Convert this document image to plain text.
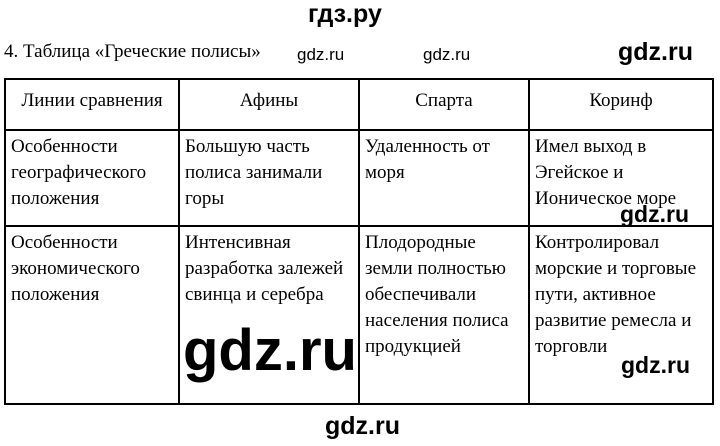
гдз.ру
4. Таблица «Греческие полисы» gdz.ru	gdz.ru	gdz.ru
Линии сравнения	Афины	Спарта	Коринф
Особенности географического положения	Большую часть полиса занимали горы	Удаленность от моря	Имел выход в Эгейское и Ионическое море
Особенности экономического положения	Интенсивная разработка залежей свинца и серебра	Плодородные земли полностью обеспечивали населения полиса продукцией	Контролировал морские и торговые пути, активное развитие ремесла и торговли
gdz.ru
gdz.ru	gdz.ru
gdz.ru
